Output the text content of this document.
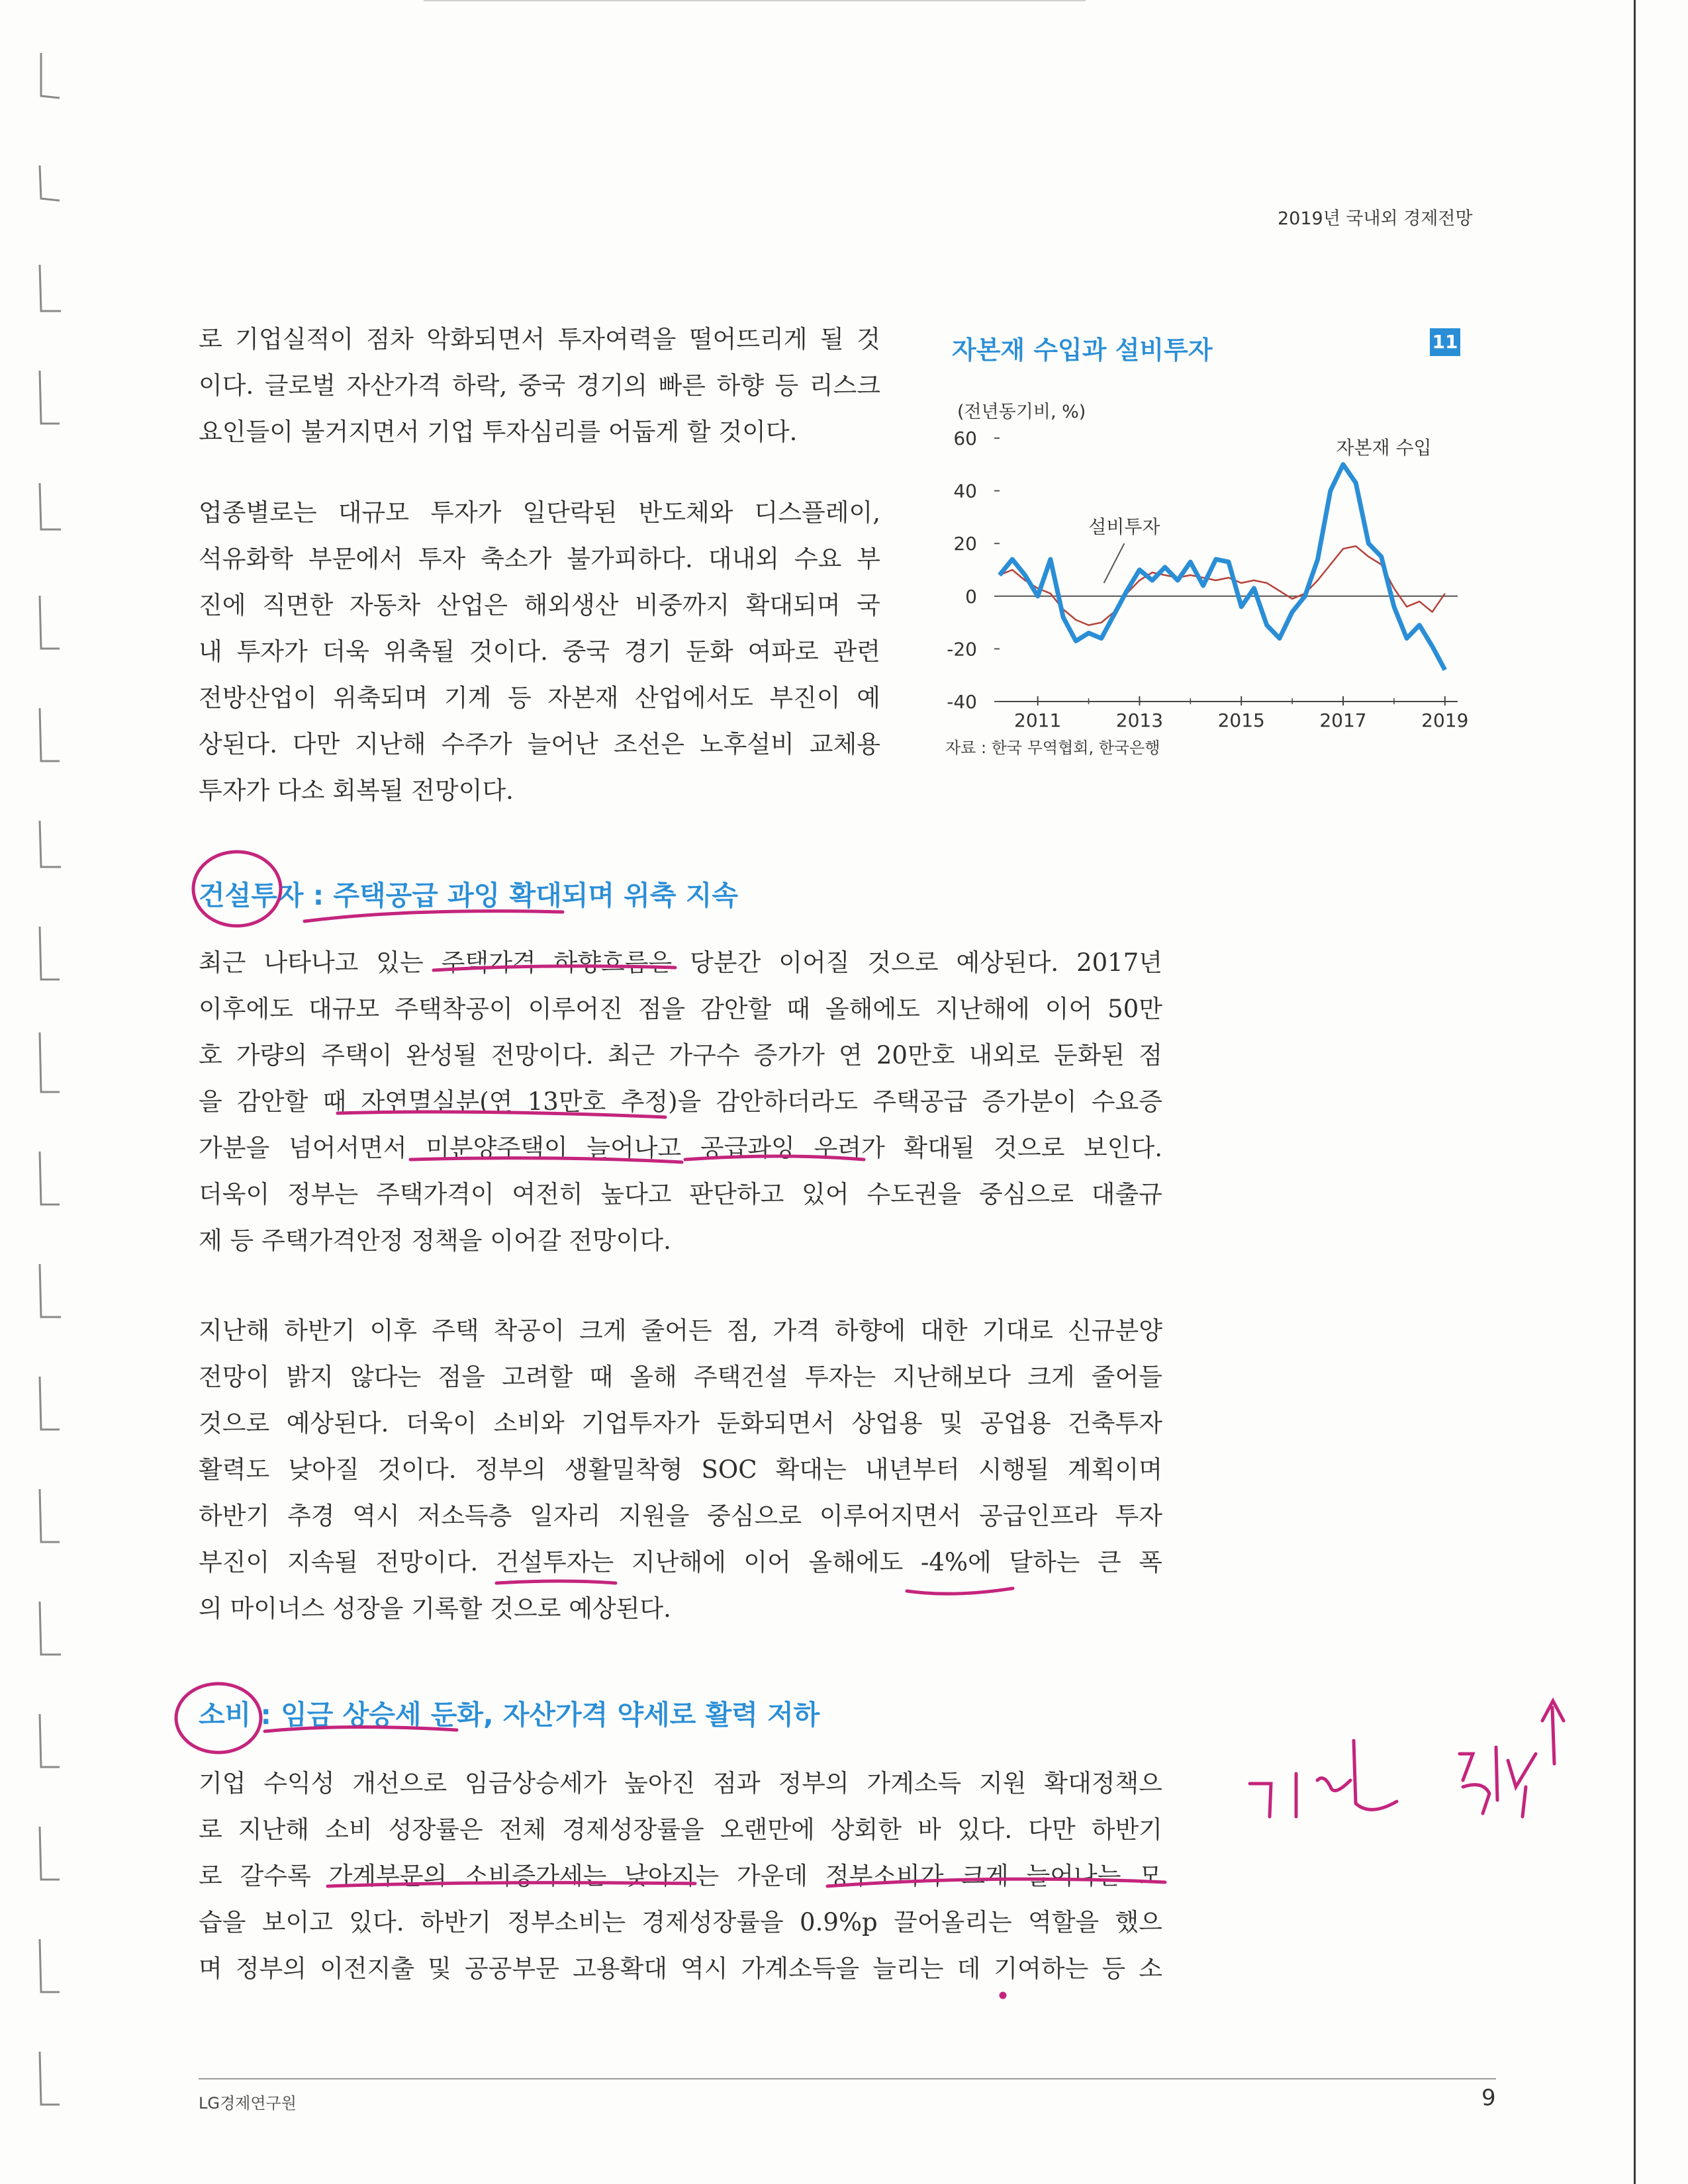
2019년 국내외 경제전망
로 기업실적이 점차 악화되면서 투자여력을 떨어뜨리게 될 것
이다. 글로벌 자산가격 하락, 중국 경기의 빠른 하향 등 리스크
요인들이 불거지면서 기업 투자심리를 어둡게 할 것이다.
업종별로는 대규모 투자가 일단락된 반도체와 디스플레이,
석유화학 부문에서 투자 축소가 불가피하다. 대내외 수요 부
진에 직면한 자동차 산업은 해외생산 비중까지 확대되며 국
내 투자가 더욱 위축될 것이다. 중국 경기 둔화 여파로 관련
전방산업이 위축되며 기계 등 자본재 산업에서도 부진이 예
상된다. 다만 지난해 수주가 늘어난 조선은 노후설비 교체용
투자가 다소 회복될 전망이다.
자본재 수입과 설비투자	11
(전년동기비, %)
60
40
20
0
-20
-40
2011	2013	2015	2017	2019
자본재 수입
설비투자
자료 : 한국 무역협회, 한국은행
건설투자 : 주택공급 과잉 확대되며 위축 지속
최근 나타나고 있는 주택가격 하향흐름은 당분간 이어질 것으로 예상된다. 2017년
이후에도 대규모 주택착공이 이루어진 점을 감안할 때 올해에도 지난해에 이어 50만
호 가량의 주택이 완성될 전망이다. 최근 가구수 증가가 연 20만호 내외로 둔화된 점
을 감안할 때 자연멸실분(연 13만호 추정)을 감안하더라도 주택공급 증가분이 수요증
가분을 넘어서면서 미분양주택이 늘어나고 공급과잉 우려가 확대될 것으로 보인다.
더욱이 정부는 주택가격이 여전히 높다고 판단하고 있어 수도권을 중심으로 대출규
제 등 주택가격안정 정책을 이어갈 전망이다.
지난해 하반기 이후 주택 착공이 크게 줄어든 점, 가격 하향에 대한 기대로 신규분양
전망이 밝지 않다는 점을 고려할 때 올해 주택건설 투자는 지난해보다 크게 줄어들
것으로 예상된다. 더욱이 소비와 기업투자가 둔화되면서 상업용 및 공업용 건축투자
활력도 낮아질 것이다. 정부의 생활밀착형 SOC 확대는 내년부터 시행될 계획이며
하반기 추경 역시 저소득층 일자리 지원을 중심으로 이루어지면서 공급인프라 투자
부진이 지속될 전망이다. 건설투자는 지난해에 이어 올해에도 -4%에 달하는 큰 폭
의 마이너스 성장을 기록할 것으로 예상된다.
소비 : 임금 상승세 둔화, 자산가격 약세로 활력 저하
기업 수익성 개선으로 임금상승세가 높아진 점과 정부의 가계소득 지원 확대정책으
로 지난해 소비 성장률은 전체 경제성장률을 오랜만에 상회한 바 있다. 다만 하반기
로 갈수록 가계부문의 소비증가세는 낮아지는 가운데 정부소비가 크게 늘어나는 모
습을 보이고 있다. 하반기 정부소비는 경제성장률을 0.9%p 끌어올리는 역할을 했으
며 정부의 이전지출 및 공공부문 고용확대 역시 가계소득을 늘리는 데 기여하는 등 소
LG경제연구원	9
